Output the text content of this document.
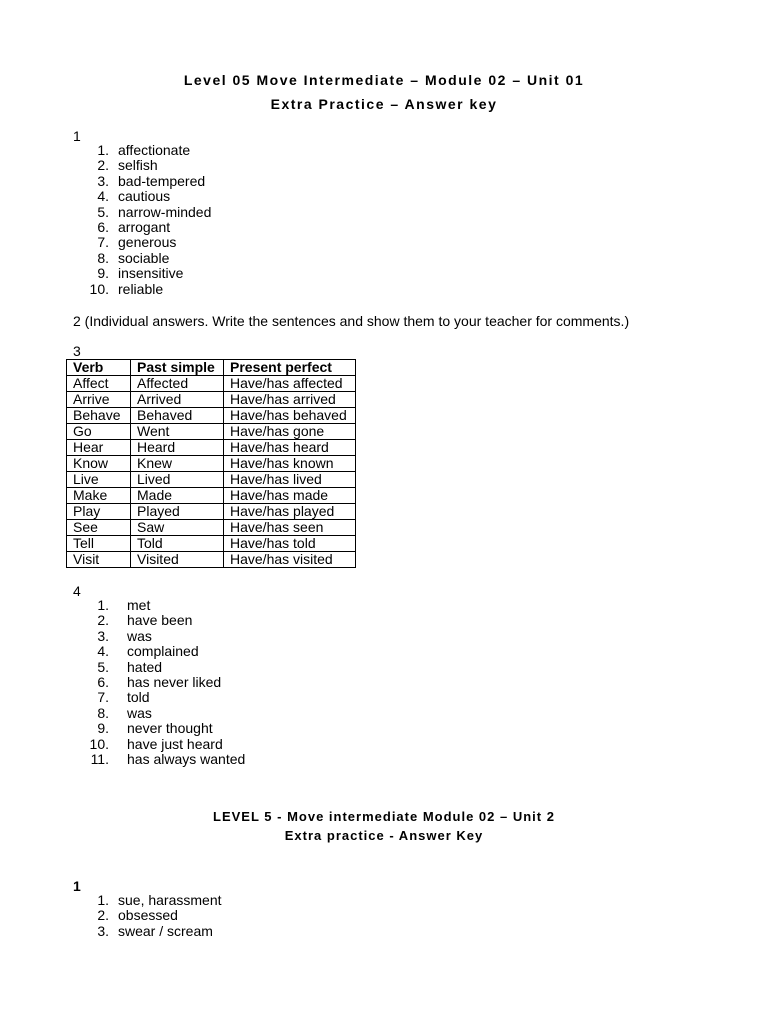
Level 05 Move Intermediate – Module 02 – Unit 01
Extra Practice – Answer key
1
1. affectionate
2. selfish
3. bad-tempered
4. cautious
5. narrow-minded
6. arrogant
7. generous
8. sociable
9. insensitive
10. reliable
2 (Individual answers. Write the sentences and show them to your teacher for comments.)
3
Verb	Past simple	Present perfect
Affect	Affected	Have/has affected
Arrive	Arrived	Have/has arrived
Behave	Behaved	Have/has behaved
Go	Went	Have/has gone
Hear	Heard	Have/has heard
Know	Knew	Have/has known
Live	Lived	Have/has lived
Make	Made	Have/has made
Play	Played	Have/has played
See	Saw	Have/has seen
Tell	Told	Have/has told
Visit	Visited	Have/has visited
4
1. met
2. have been
3. was
4. complained
5. hated
6. has never liked
7. told
8. was
9. never thought
10. have just heard
11. has always wanted
LEVEL 5 - Move intermediate Module 02 – Unit 2
Extra practice - Answer Key
1
1. sue, harassment
2. obsessed
3. swear / scream
